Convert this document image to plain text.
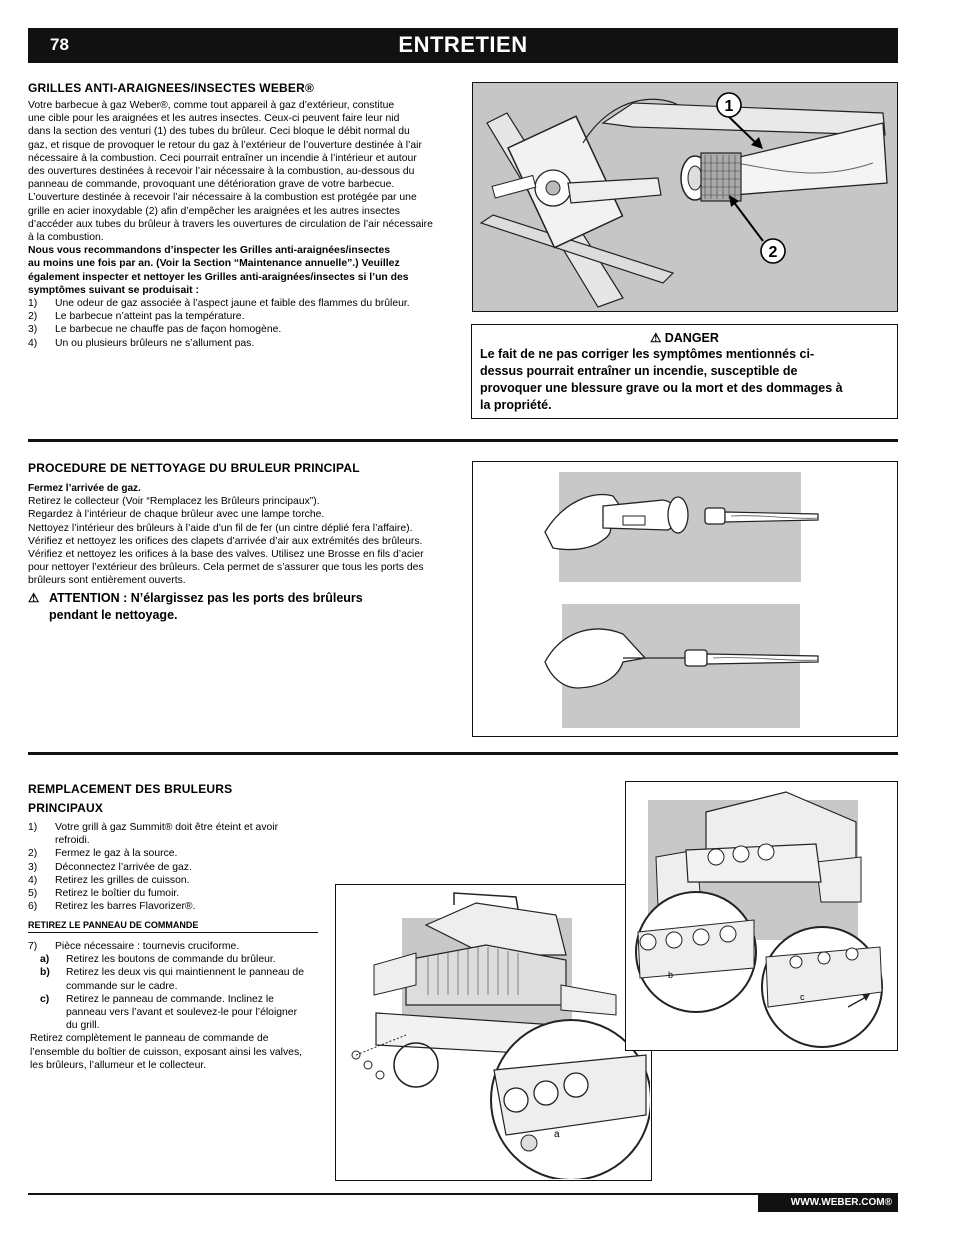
78	ENTRETIEN
GRILLES ANTI-ARAIGNEES/INSECTES WEBER®
Votre barbecue à gaz Weber®, comme tout appareil à gaz d’extérieur, constitue
une cible pour les araignées et les autres insectes. Ceux-ci peuvent faire leur nid
dans la section des venturi (1) des tubes du brûleur. Ceci bloque le débit normal du
gaz, et risque de provoquer le retour du gaz à l’extérieur de l’ouverture destinée à l’air
nécessaire à la combustion. Ceci pourrait entraîner un incendie à l’intérieur et autour
des ouvertures destinées à recevoir l’air nécessaire à la combustion, au-dessous du
panneau de commande, provoquant une détérioration grave de votre barbecue.
L’ouverture destinée à recevoir l’air nécessaire à la combustion est protégée par une
grille en acier inoxydable (2) afin d’empêcher les araignées et les autres insectes
d’accéder aux tubes du brûleur à travers les ouvertures de circulation de l’air nécessaire
à la combustion.
Nous vous recommandons d’inspecter les Grilles anti-araignées/insectes
au moins une fois par an. (Voir la Section “Maintenance annuelle”.) Veuillez
également inspecter et nettoyer les Grilles anti-araignées/insectes si l’un des
symptômes suivant se produisait :
1)	Une odeur de gaz associée à l’aspect jaune et faible des flammes du brûleur.
2)	Le barbecue n’atteint pas la température.
3)	Le barbecue ne chauffe pas de façon homogène.
4)	Un ou plusieurs brûleurs ne s’allument pas.
1
2
⚠ DANGER
Le fait de ne pas corriger les symptômes mentionnés ci-
dessus pourrait entraîner un incendie, susceptible de
provoquer une blessure grave ou la mort et des dommages à
la propriété.
PROCEDURE DE NETTOYAGE DU BRULEUR PRINCIPAL
Fermez l’arrivée de gaz.
Retirez le collecteur (Voir “Remplacez les Brûleurs principaux”).
Regardez à l’intérieur de chaque brûleur avec une lampe torche.
Nettoyez l’intérieur des brûleurs à l’aide d’un fil de fer (un cintre déplié fera l’affaire).
Vérifiez et nettoyez les orifices des clapets d’arrivée d’air aux extrémités des brûleurs.
Vérifiez et nettoyez les orifices à la base des valves. Utilisez une Brosse en fils d’acier
pour nettoyer l’extérieur des brûleurs. Cela permet de s’assurer que tous les ports des
brûleurs sont entièrement ouverts.
⚠ ATTENTION : N’élargissez pas les ports des brûleurs
pendant le nettoyage.
REMPLACEMENT DES BRULEURS
PRINCIPAUX
1)	Votre grill à gaz Summit® doit être éteint et avoir
refroidi.
2)	Fermez le gaz à la source.
3)	Déconnectez l’arrivée de gaz.
4)	Retirez les grilles de cuisson.
5)	Retirez le boîtier du fumoir.
6)	Retirez les barres Flavorizer®.
RETIREZ LE PANNEAU DE COMMANDE
7)	Pièce nécessaire : tournevis cruciforme.
a)	Retirez les boutons de commande du brûleur.
b)	Retirez les deux vis qui maintiennent le panneau de
commande sur le cadre.
c)	Retirez le panneau de commande. Inclinez le
panneau vers l’avant et soulevez-le pour l’éloigner
du grill.
Retirez complètement le panneau de commande de
l’ensemble du boîtier de cuisson, exposant ainsi les valves,
les brûleurs, l’allumeur et le collecteur.
a
b
c
WWW.WEBER.COM®
